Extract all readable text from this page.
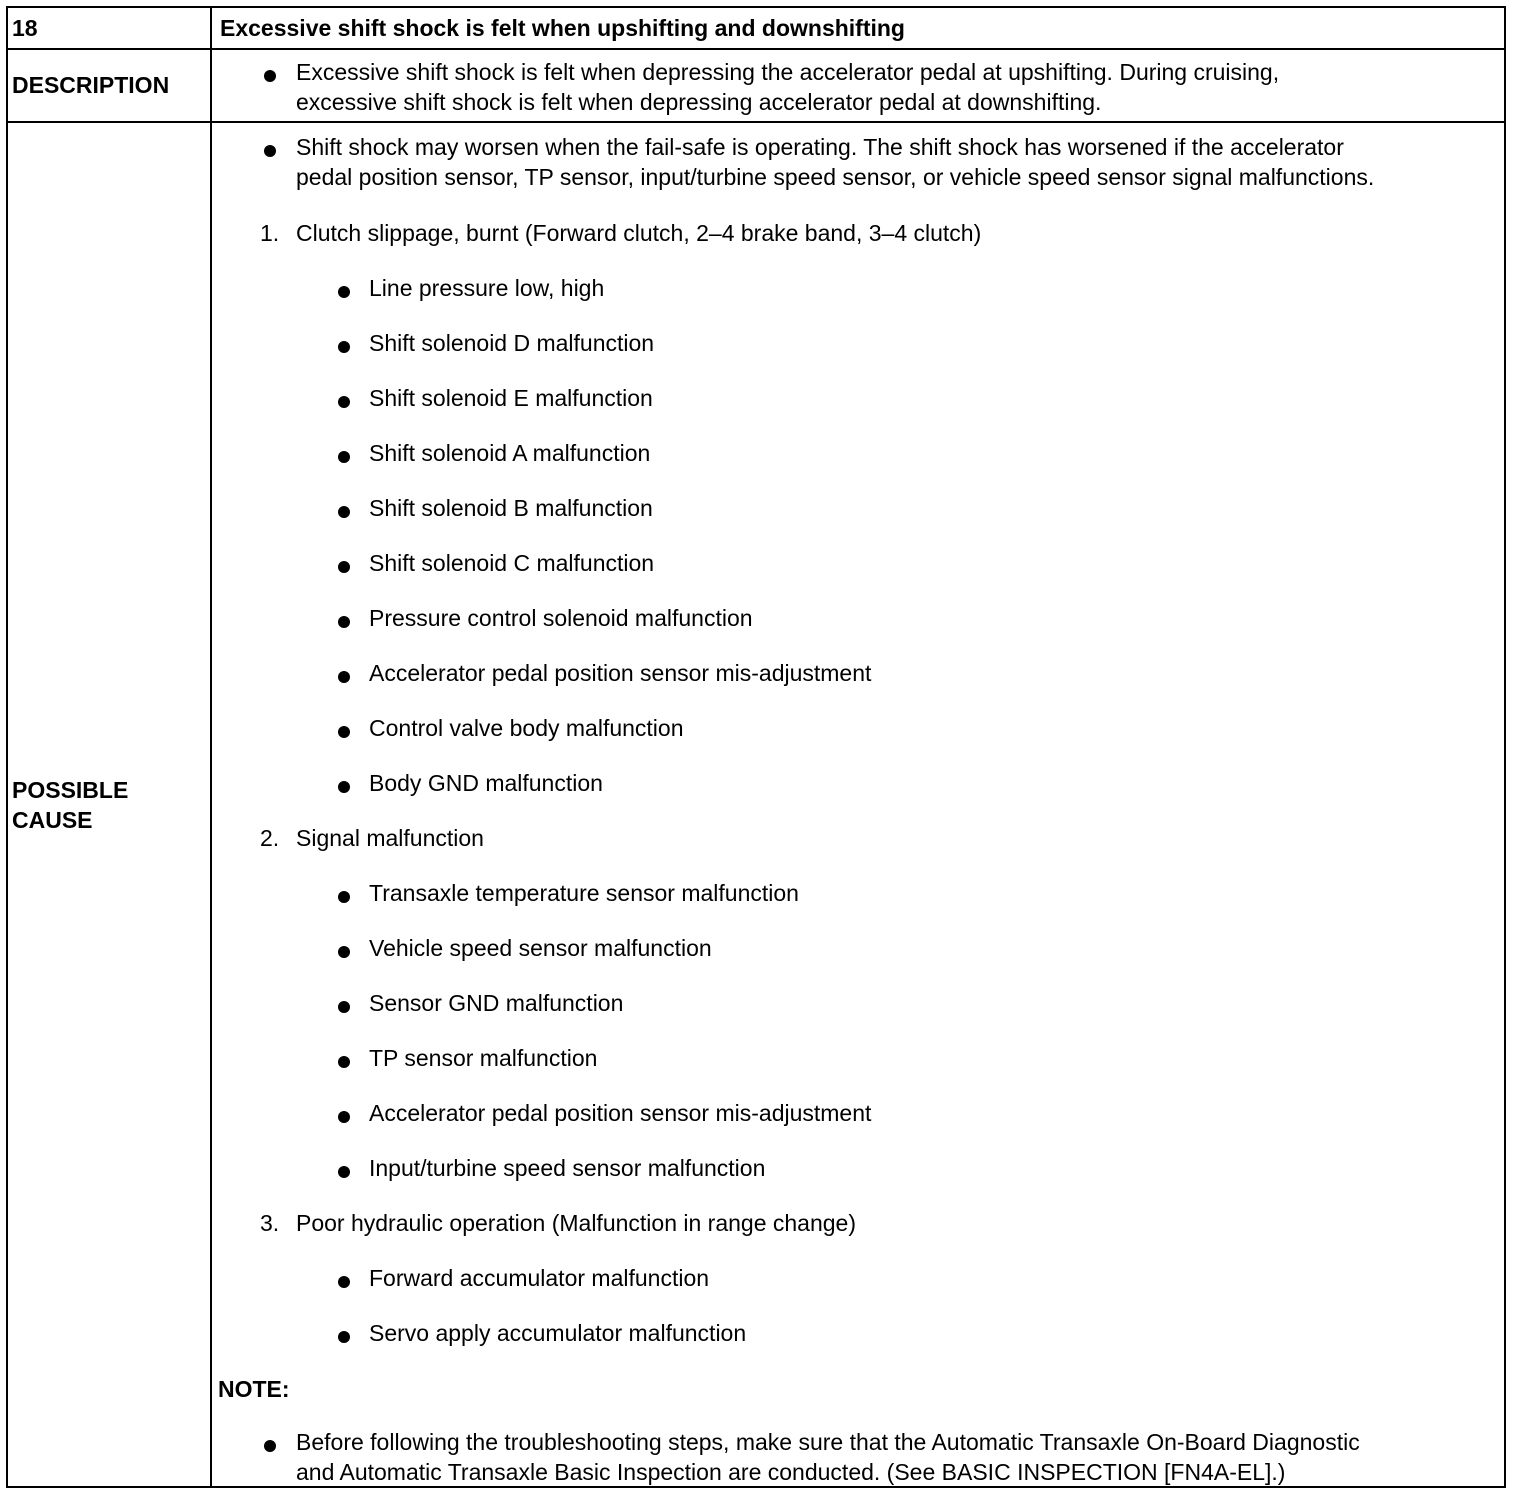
18	Excessive shift shock is felt when upshifting and downshifting
DESCRIPTION	Excessive shift shock is felt when depressing the accelerator pedal at upshifting. During cruising,
excessive shift shock is felt when depressing accelerator pedal at downshifting.
POSSIBLE
CAUSE
Shift shock may worsen when the fail-safe is operating. The shift shock has worsened if the accelerator
pedal position sensor, TP sensor, input/turbine speed sensor, or vehicle speed sensor signal malfunctions.
1. Clutch slippage, burnt (Forward clutch, 2–4 brake band, 3–4 clutch)
Line pressure low, high
Shift solenoid D malfunction
Shift solenoid E malfunction
Shift solenoid A malfunction
Shift solenoid B malfunction
Shift solenoid C malfunction
Pressure control solenoid malfunction
Accelerator pedal position sensor mis-adjustment
Control valve body malfunction
Body GND malfunction
2. Signal malfunction
Transaxle temperature sensor malfunction
Vehicle speed sensor malfunction
Sensor GND malfunction
TP sensor malfunction
Accelerator pedal position sensor mis-adjustment
Input/turbine speed sensor malfunction
3. Poor hydraulic operation (Malfunction in range change)
Forward accumulator malfunction
Servo apply accumulator malfunction
NOTE:
Before following the troubleshooting steps, make sure that the Automatic Transaxle On-Board Diagnostic
and Automatic Transaxle Basic Inspection are conducted. (See BASIC INSPECTION [FN4A-EL].)
